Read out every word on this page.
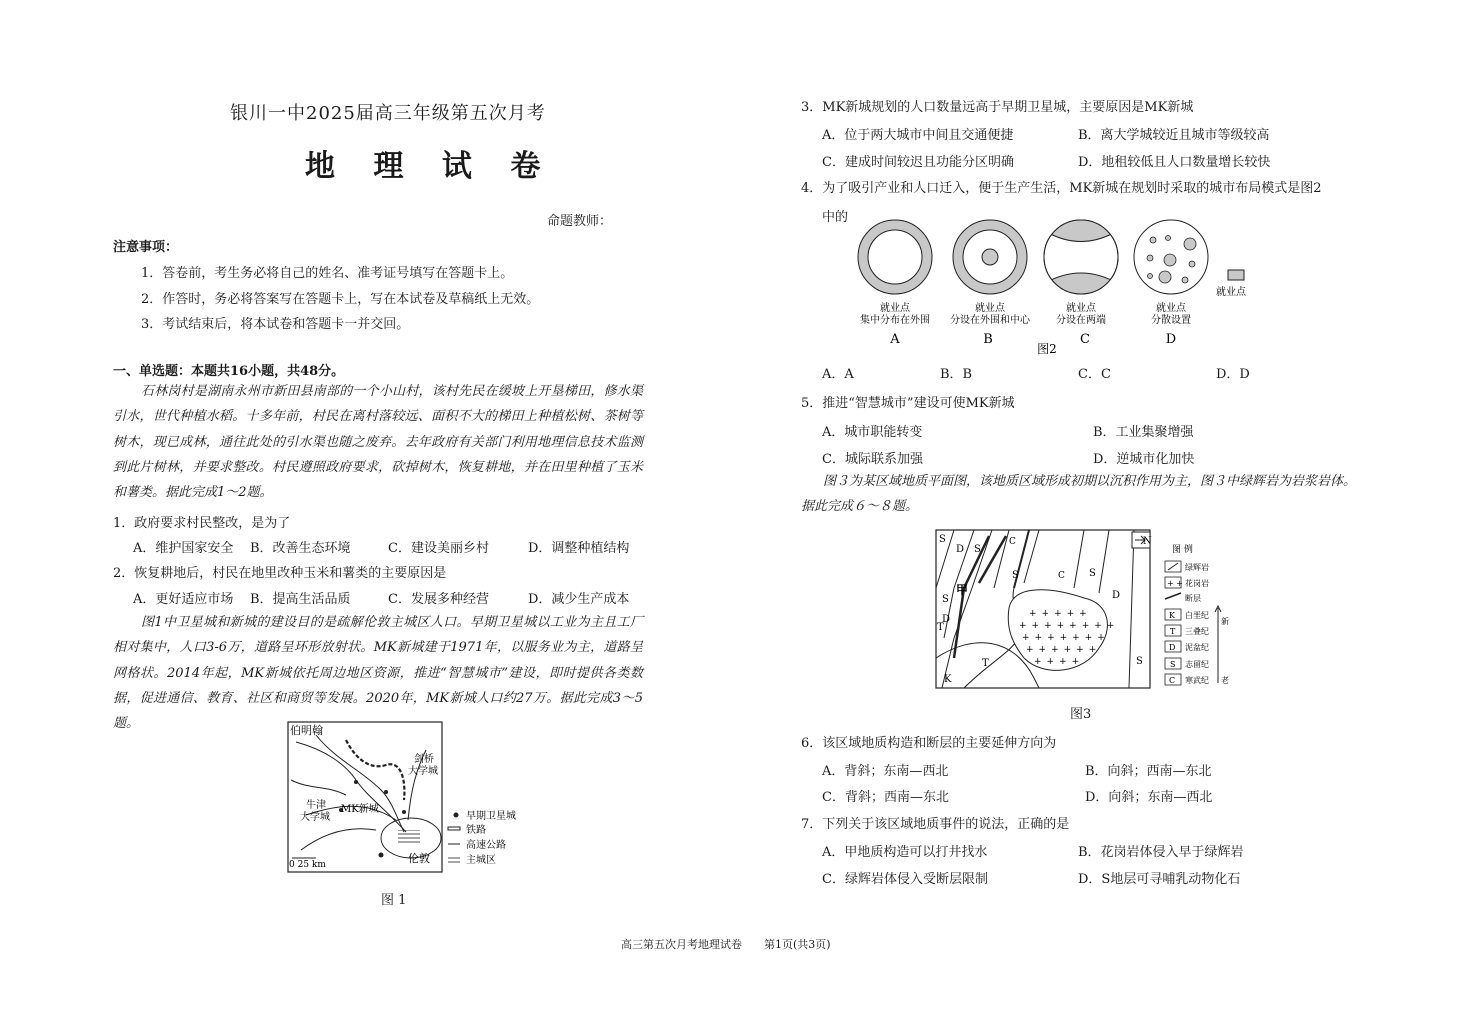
银川一中2025届高三年级第五次月考
地 理 试 卷
命题教师：
注意事项：
1．答卷前，考生务必将自己的姓名、准考证号填写在答题卡上。
2．作答时，务必将答案写在答题卡上，写在本试卷及草稿纸上无效。
3．考试结束后，将本试卷和答题卡一并交回。
一、单选题：本题共16小题，共48分。
石林岗村是湖南永州市新田县南部的一个小山村，该村先民在缓坡上开垦梯田，修水渠引水，世代种植水稻。十多年前，村民在离村落较远、面积不大的梯田上种植松树、茶树等树木，现已成林，通往此处的引水渠也随之废弃。去年政府有关部门利用地理信息技术监测到此片树林，并要求整改。村民遵照政府要求，砍掉树木，恢复耕地，并在田里种植了玉米和薯类。据此完成1～2题。
1．政府要求村民整改，是为了
A．维护国家安全 B．改善生态环境	C．建设美丽乡村	D．调整种植结构
2．恢复耕地后，村民在地里改种玉米和薯类的主要原因是
A．更好适应市场 B．提高生活品质	C．发展多种经营	D．减少生产成本
图1中卫星城和新城的建设目的是疏解伦敦主城区人口。早期卫星城以工业为主且工厂相对集中，人口3-6万，道路呈环形放射状。MK新城建于1971年，以服务业为主，道路呈网格状。2014年起，MK新城依托周边地区资源，推进“智慧城市”建设，即时提供各类数据，促进通信、教育、社区和商贸等发展。2020年，MK新城人口约27万。据此完成3～5题。	伯明翰
剑桥
大学城
MK新城
牛津
大学城
伦敦
0 25 km
早期卫星城
铁路
高速公路
主城区
图 1
3．MK新城规划的人口数量远高于早期卫星城，主要原因是MK新城
A．位于两大城市中间且交通便捷	B．离大学城较近且城市等级较高
C．建成时间较迟且功能分区明确	D．地租较低且人口数量增长较快
4．为了吸引产业和人口迁入，便于生产生活，MK新城在规划时采取的城市布局模式是图2
中的
就业点
就业点
集中分布在外围
A
就业点
分设在外围和中心
B
就业点
分设在两端
C
就业点
分散设置
D
图2
A．A	B．B	C．C	D．D
5．推进“智慧城市”建设可使MK新城
A．城市职能转变	B．工业集聚增强
C．城际联系加强	D．逆城市化加快
图３为某区域地质平面图，该地质区域形成初期以沉积作用为主，图３中绿辉岩为岩浆岩体。据此完成６～８题。
++++++++
+++++++
++++++
++++
+++++
S
D S
C
S	C S
D
甲
S
T
D
T
K
S
N
图 例
绿辉岩
+ + 花岗岩
断层
K 白垩纪
T 三叠纪
D 泥盆纪
S 志留纪
C 寒武纪
新
老
图3
6．该区域地质构造和断层的主要延伸方向为
A．背斜；东南—西北	B．向斜；西南—东北
C．背斜；西南—东北	D．向斜；东南—西北
7．下列关于该区域地质事件的说法，正确的是
A．甲地质构造可以打井找水	B．花岗岩体侵入早于绿辉岩
C．绿辉岩体侵入受断层限制	D．S地层可寻哺乳动物化石
高三第五次月考地理试卷　　第1页(共3页)
